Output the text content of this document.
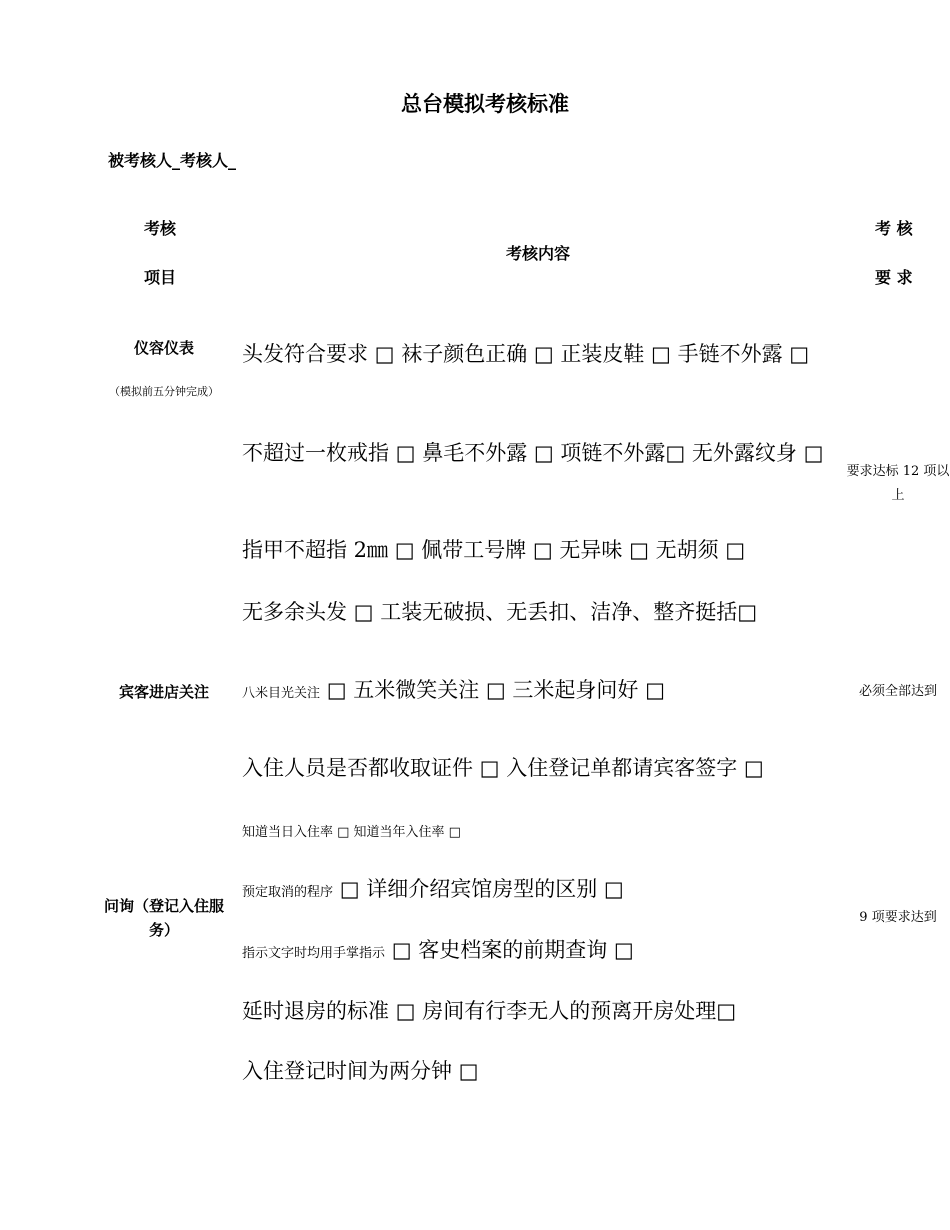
总台模拟考核标准
被考核人_考核人_
考核
项目
考核内容
考 核
要 求
仪容仪表
（模拟前五分钟完成）
要求达标 12 项以上
头发符合要求 □ 袜子颜色正确 □ 正装皮鞋 □ 手链不外露 □
不超过一枚戒指 □ 鼻毛不外露 □ 项链不外露□ 无外露纹身 □
指甲不超指 2㎜ □ 佩带工号牌 □ 无异味 □ 无胡须 □
无多余头发 □ 工装无破损、无丢扣、洁净、整齐挺括□
宾客进店关注	必须全部达到
八米目光关注 □ 五米微笑关注 □ 三米起身问好 □
问询（登记入住服务）
9 项要求达到
入住人员是否都收取证件 □ 入住登记单都请宾客签字 □
知道当日入住率 □ 知道当年入住率 □
预定取消的程序 □ 详细介绍宾馆房型的区别 □
指示文字时均用手掌指示 □ 客史档案的前期查询 □
延时退房的标准 □ 房间有行李无人的预离开房处理□
入住登记时间为两分钟 □
